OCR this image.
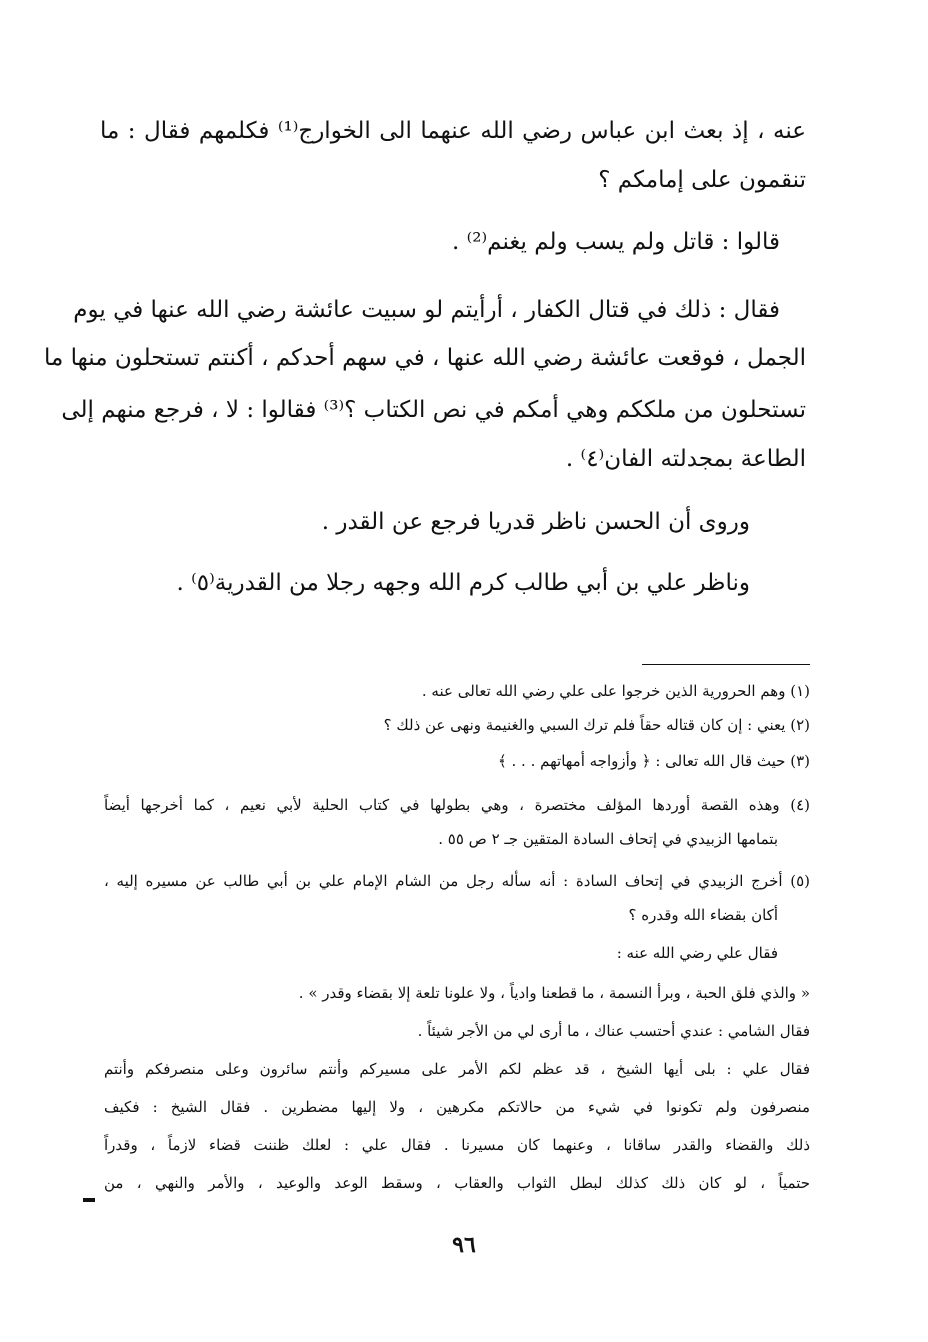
عنه ، إذ بعث ابن عباس رضي الله عنهما الى الخوارج⁽¹⁾ فكلمهم فقال : ما
تنقمون على إمامكم ؟
قالوا : قاتل ولم يسب ولم يغنم⁽²⁾ .
فقال : ذلك في قتال الكفار ، أرأيتم لو سبيت عائشة رضي الله عنها في يوم
الجمل ، فوقعت عائشة رضي الله عنها ، في سهم أحدكم ، أكنتم تستحلون منها ما
تستحلون من ملككم وهي أمكم في نص الكتاب ؟⁽³⁾ فقالوا : لا ، فرجع منهم إلى
الطاعة بمجدلته الفان⁽٤⁾ .
وروى أن الحسن ناظر قدريا فرجع عن القدر .
وناظر علي بن أبي طالب كرم الله وجهه رجلا من القدرية⁽٥⁾ .
(١) وهم الحرورية الذين خرجوا على علي رضي الله تعالى عنه .
(٢) يعني : إن كان قتاله حقاً فلم ترك السبي والغنيمة ونهى عن ذلك ؟
(٣) حيث قال الله تعالى : ﴿ وأزواجه أمهاتهم . . . ﴾
(٤) وهذه القصة أوردها المؤلف مختصرة ، وهي بطولها في كتاب الحلية لأبي نعيم ، كما أخرجها أيضاً
بتمامها الزبيدي في إتحاف السادة المتقين جـ ٢ ص ٥٥ .
(٥) أخرج الزبيدي في إتحاف السادة : أنه سأله رجل من الشام الإمام علي بن أبي طالب عن مسيره إليه ،
أكان بقضاء الله وقدره ؟
فقال علي رضي الله عنه :
« والذي فلق الحبة ، وبرأ النسمة ، ما قطعنا وادياً ، ولا علونا تلعة إلا بقضاء وقدر » .
فقال الشامي : عندي أحتسب عناك ، ما أرى لي من الأجر شيئاً .
فقال علي : بلى أيها الشيخ ، قد عظم لكم الأمر على مسيركم وأنتم سائرون وعلى منصرفكم وأنتم
منصرفون ولم تكونوا في شيء من حالاتكم مكرهين ، ولا إليها مضطرين . فقال الشيخ : فكيف
ذلك والقضاء والقدر ساقانا ، وعنهما كان مسيرنا . فقال علي : لعلك ظننت قضاء لازماً ، وقدراً
حتمياً ، لو كان ذلك كذلك لبطل الثواب والعقاب ، وسقط الوعد والوعيد ، والأمر والنهي ، من
٩٦
